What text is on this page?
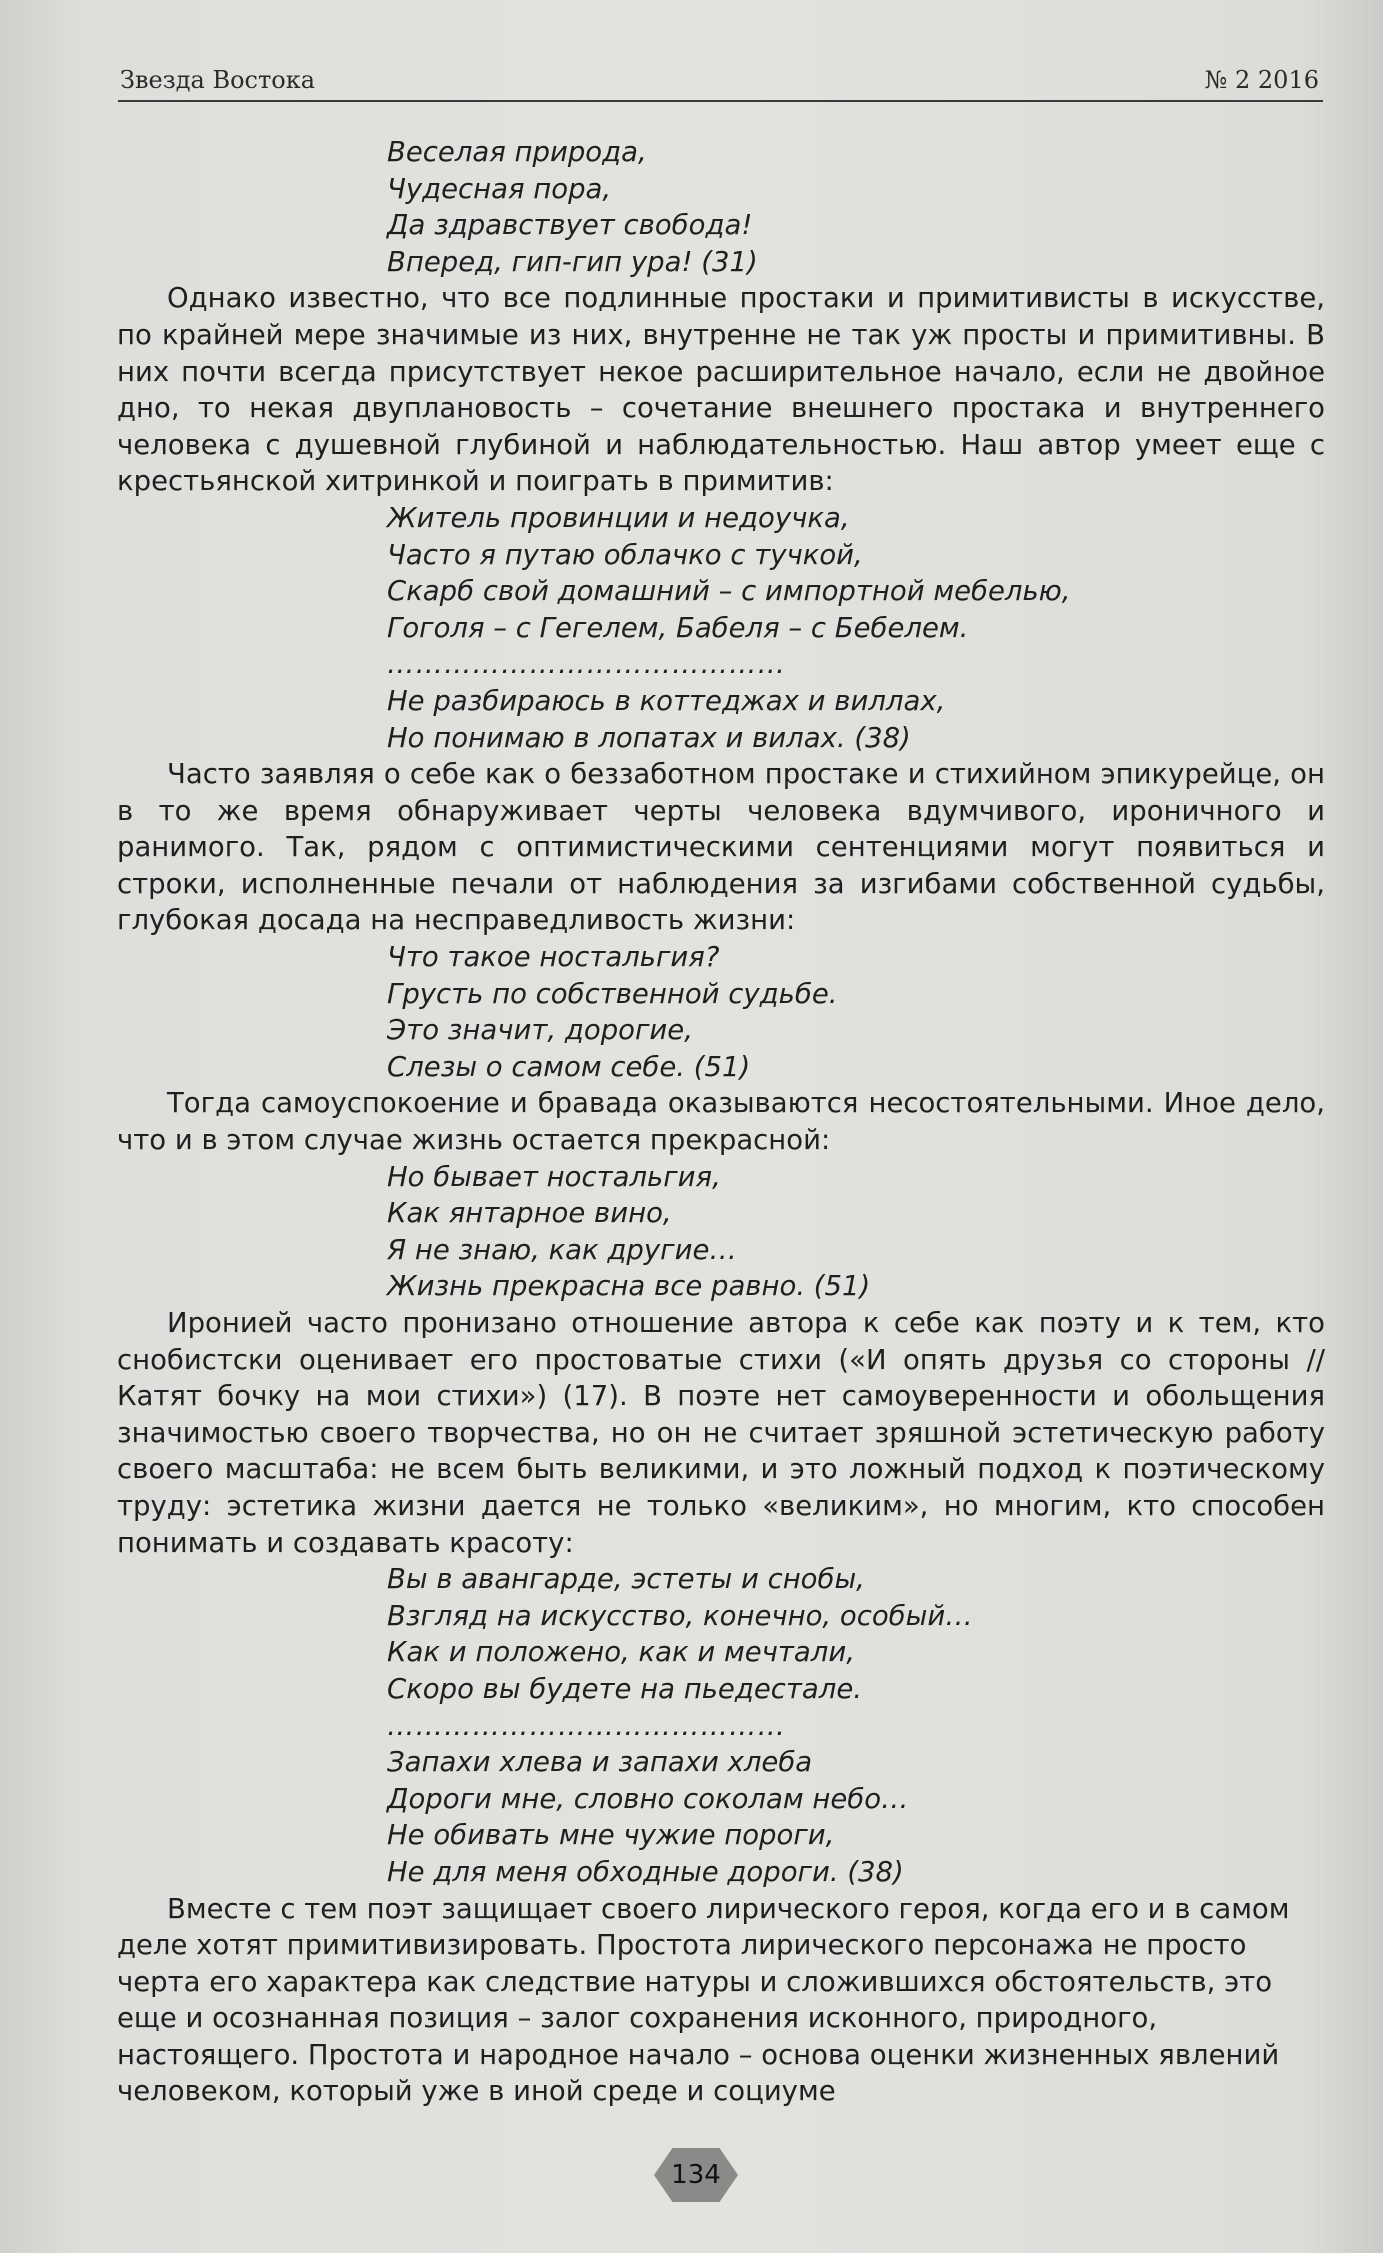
Звезда Востока	№ 2 2016
Веселая природа,
Чудесная пора,
Да здравствует свобода!
Вперед, гип-гип ура! (31)

Однако известно, что все подлинные простаки и примитивисты в искусстве, по крайней мере значимые из них, внутренне не так уж просты и примитивны. В них почти всегда присутствует некое расширительное начало, если не двойное дно, то некая двуплановость – сочетание внешнего простака и внутреннего человека с душевной глубиной и наблюдательностью. Наш автор умеет еще с крестьянской хитринкой и поиграть в примитив:

Житель провинции и недоучка,
Часто я путаю облачко с тучкой,
Скарб свой домашний – с импортной мебелью,
Гоголя – с Гегелем, Бабеля – с Бебелем.
……………………………………
Не разбираюсь в коттеджах и виллах,
Но понимаю в лопатах и вилах. (38)

Часто заявляя о себе как о беззаботном простаке и стихийном эпикурейце, он в то же время обнаруживает черты человека вдумчивого, ироничного и ранимого. Так, рядом с оптимистическими сентенциями могут появиться и строки, исполненные печали от наблюдения за изгибами собственной судьбы, глубокая досада на несправедливость жизни:

Что такое ностальгия?
Грусть по собственной судьбе.
Это значит, дорогие,
Слезы о самом себе. (51)

Тогда самоуспокоение и бравада оказываются несостоятельными. Иное дело, что и в этом случае жизнь остается прекрасной:

Но бывает ностальгия,
Как янтарное вино,
Я не знаю, как другие…
Жизнь прекрасна все равно. (51)

Иронией часто пронизано отношение автора к себе как поэту и к тем, кто снобистски оценивает его простоватые стихи («И опять друзья со стороны // Катят бочку на мои стихи») (17). В поэте нет самоуверенности и обольщения значимостью своего творчества, но он не считает зряшной эстетическую работу своего масштаба: не всем быть великими, и это ложный подход к поэтическому труду: эстетика жизни дается не только «великим», но многим, кто способен понимать и создавать красоту:

Вы в авангарде, эстеты и снобы,
Взгляд на искусство, конечно, особый…
Как и положено, как и мечтали,
Скоро вы будете на пьедестале.
……………………………………
Запахи хлева и запахи хлеба
Дороги мне, словно соколам небо…
Не обивать мне чужие пороги,
Не для меня обходные дороги. (38)

Вместе с тем поэт защищает своего лирического героя, когда его и в самом деле хотят примитивизировать. Простота лирического персонажа не просто черта его характера как следствие натуры и сложившихся обстоятельств, это еще и осознанная позиция – залог сохранения исконного, природного, настоящего. Простота и народное начало – основа оценки жизненных явлений человеком, который уже в иной среде и социуме

134
